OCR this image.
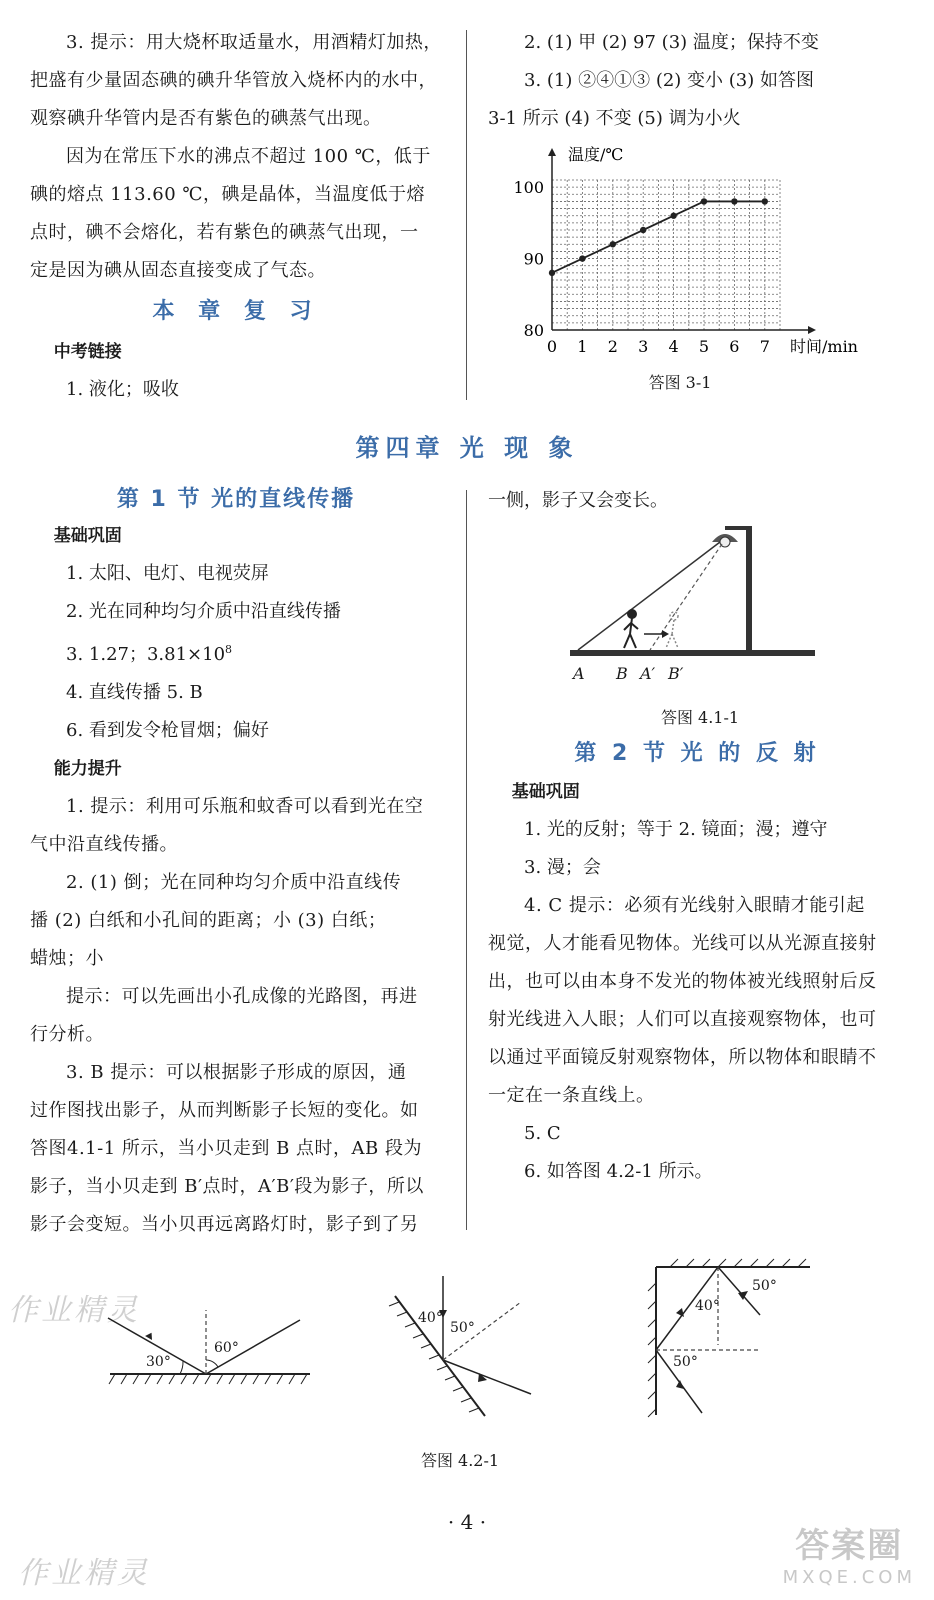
作业精灵
作业精灵

3. 提示：用大烧杯取适量水，用酒精灯加热，

把盛有少量固态碘的碘升华管放入烧杯内的水中，

观察碘升华管内是否有紫色的碘蒸气出现。

因为在常压下水的沸点不超过 100 ℃，低于

碘的熔点 113.60 ℃，碘是晶体，当温度低于熔

点时，碘不会熔化，若有紫色的碘蒸气出现，一

定是因为碘从固态直接变成了气态。

本 章 复 习

中考链接

1. 液化；吸收

2. (1) 甲 (2) 97 (3) 温度；保持不变

3. (1) ②④①③ (2) 变小 (3) 如答图

3-1 所示 (4) 不变 (5) 调为小火

0 1 2 3 4 5 6 7
80
90
100
时间/min
温度/℃
答图 3-1
第四章 光 现 象

第 1 节 光的直线传播

基础巩固

1. 太阳、电灯、电视荧屏

2. 光在同种均匀介质中沿直线传播

3. 1.27；$3.81\times 10^8$

4. 直线传播 5. B

6. 看到发令枪冒烟；偏好

能力提升

1. 提示：利用可乐瓶和蚊香可以看到光在空

气中沿直线传播。

2. (1) 倒；光在同种均匀介质中沿直线传

播 (2) 白纸和小孔间的距离；小 (3) 白纸；

蜡烛；小

提示：可以先画出小孔成像的光路图，再进

行分析。

3. B 提示：可以根据影子形成的原因，通

过作图找出影子，从而判断影子长短的变化。如

答图4.1-1 所示，当小贝走到 B 点时，AB 段为

影子，当小贝走到 B′点时，A′B′段为影子，所以

影子会变短。当小贝再远离路灯时，影子到了另

一侧，影子又会变长。

A B A′ B′
答图 4.1-1

第 2 节 光 的 反 射

基础巩固

1. 光的反射；等于 2. 镜面；漫；遵守

3. 漫；会

4. C 提示：必须有光线射入眼睛才能引起

视觉，人才能看见物体。光线可以从光源直接射

出，也可以由本身不发光的物体被光线照射后反

射光线进入人眼；人们可以直接观察物体，也可

以通过平面镜反射观察物体，所以物体和眼睛不

一定在一条直线上。

5. C

6. 如答图 4.2-1 所示。

30°
60°
40°
50°
50°
40°
50°
答图 4.2-1
· 4 ·
答案圈
MXQE.COM
